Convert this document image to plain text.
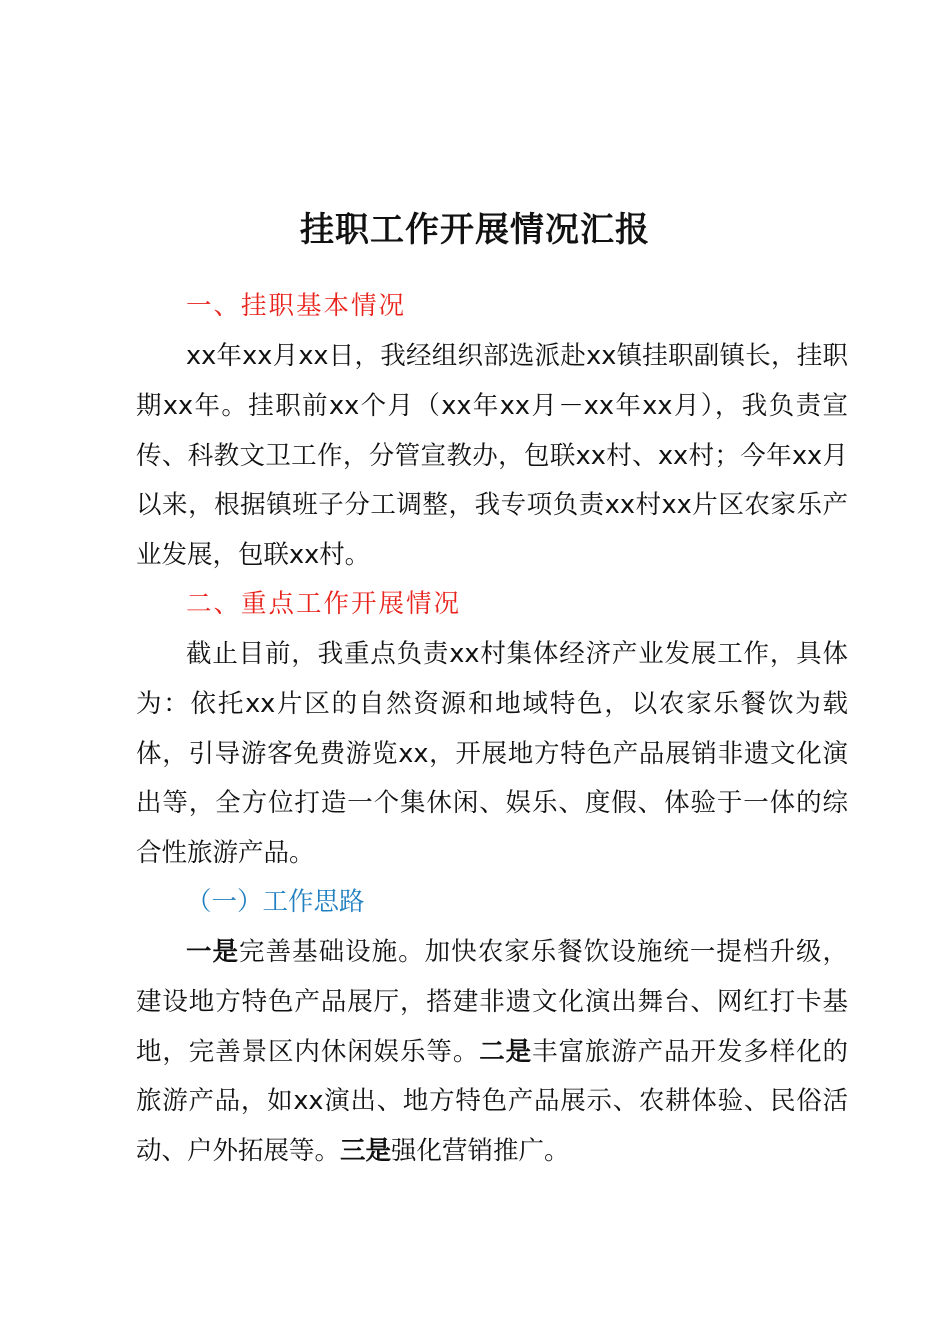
挂职工作开展情况汇报
一、挂职基本情况

xx年xx月xx日，我经组织部选派赴xx镇挂职副镇长，挂职期xx年。挂职前xx个月（xx年xx月－xx年xx月），我负责宣传、科教文卫工作，分管宣教办，包联xx村、xx村；今年xx月以来，根据镇班子分工调整，我专项负责xx村xx片区农家乐产业发展，包联xx村。

二、重点工作开展情况

截止目前，我重点负责xx村集体经济产业发展工作，具体为：依托xx片区的自然资源和地域特色，以农家乐餐饮为载体，引导游客免费游览xx，开展地方特色产品展销非遗文化演出等，全方位打造一个集休闲、娱乐、度假、体验于一体的综合性旅游产品。

（一）工作思路

一是完善基础设施。加快农家乐餐饮设施统一提档升级，建设地方特色产品展厅，搭建非遗文化演出舞台、网红打卡基地，完善景区内休闲娱乐等。二是丰富旅游产品开发多样化的旅游产品，如xx演出、地方特色产品展示、农耕体验、民俗活动、户外拓展等。三是强化营销推广。
